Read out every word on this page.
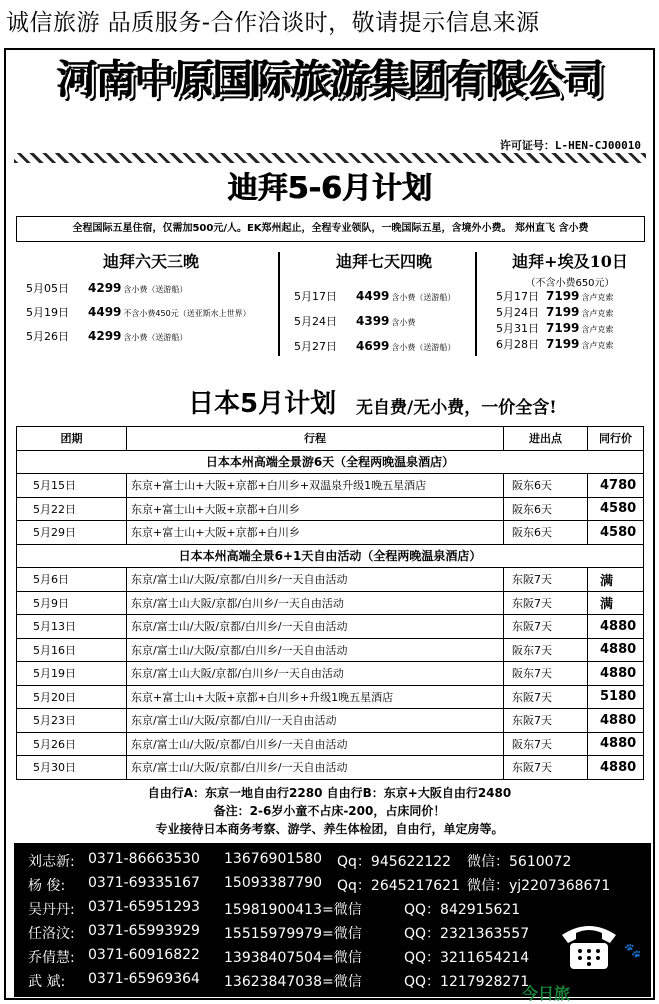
诚信旅游 品质服务-合作洽谈时，敬请提示信息来源
河南中原国际旅游集团有限公司
许可证号：L-HEN-CJ00010
迪拜5-6月计划
全程国际五星住宿，仅需加500元/人。EK郑州起止，全程专业领队，一晚国际五星，含境外小费。 郑州直飞 含小费
迪拜六天三晚
5月05日	4299 含小费（送游船）
5月19日	4499 不含小费450元（送亚斯水上世界）
5月26日	4299 含小费（送游船）
迪拜七天四晚
5月17日	4499 含小费（送游船）
5月24日	4399 含小费
5月27日	4699 含小费（送游船）
迪拜+埃及10日
（不含小费650元）
5月17日 7199 含卢克索
5月24日 7199 含卢克索
5月31日 7199 含卢克索
6月28日 7199 含卢克索
日本5月计划 无自费/无小费，一价全含!
团期	行程	进出点	同行价
日本本州高端全景游6天（全程两晚温泉酒店）			
5月15日	东京+富士山+大阪+京都+白川乡+双温泉升级1晚五星酒店	阪东6天	4780
5月22日	东京+富士山+大阪+京都+白川乡	阪东6天	4580
5月29日	东京+富士山+大阪+京都+白川乡	阪东6天	4580
日本本州高端全景6+1天自由活动（全程两晚温泉酒店）			
5月6日	东京/富士山/大阪/京都/白川乡/一天自由活动	东阪7天	满
5月9日	东京/富士山大阪/京都/白川乡/一天自由活动	东阪7天	满
5月13日	东京/富士山/大阪/京都/白川乡/一天自由活动	东阪7天	4880
5月16日	东京/富士山/大阪/京都/白川乡/一天自由活动	阪东7天	4880
5月19日	东京/富士山大阪/京都/白川乡/一天自由活动	阪东7天	4880
5月20日	东京+富士山+大阪+京都+白川乡+升级1晚五星酒店	东阪7天	5180
5月23日	东京/富士山/大阪/京都/白川/一天自由活动	东阪7天	4880
5月26日	东京/富士山/大阪/京都/白川乡/一天自由活动	阪东7天	4880
5月30日	东京/富士山/大阪/京都/白川乡/一天自由活动	东阪7天	4880
自由行A：东京一地自由行2280 自由行B：东京+大阪自由行2480
备注：2-6岁小童不占床-200，占床同价！
专业接待日本商务考察、游学、养生体检团，自由行，单定房等。
刘志新: 0371-86663530	13676901580	Qq：945622122	微信：5610072
杨 俊:	0371-69335167	15093387790	Qq：2645217621 微信：yj2207368671
吴丹丹: 0371-65951293	15981900413=微信	QQ：842915621
任洛汶: 0371-65993929	15515979979=微信	QQ：2321363557
乔倩慧: 0371-60916822	13938407504=微信	QQ：3211654214
武 斌:	0371-65969364	13623847038=微信	QQ：1217928271
🐾
今日旅
